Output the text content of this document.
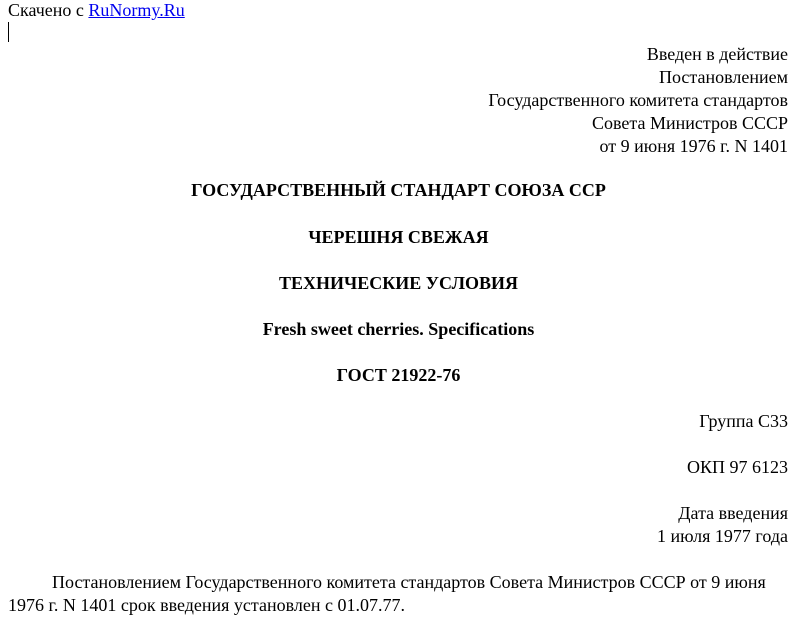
Скачено с RuNormy.Ru
Введен в действие
Постановлением
Государственного комитета стандартов
Совета Министров СССР
от 9 июня 1976 г. N 1401
ГОСУДАРСТВЕННЫЙ СТАНДАРТ СОЮЗА ССР
ЧЕРЕШНЯ СВЕЖАЯ
ТЕХНИЧЕСКИЕ УСЛОВИЯ
Fresh sweet cherries. Specifications
ГОСТ 21922-76
Группа С33
ОКП 97 6123
Дата введения
1 июля 1977 года
Постановлением Государственного комитета стандартов Совета Министров СССР от 9 июня 1976 г. N 1401 срок введения установлен с 01.07.77.
